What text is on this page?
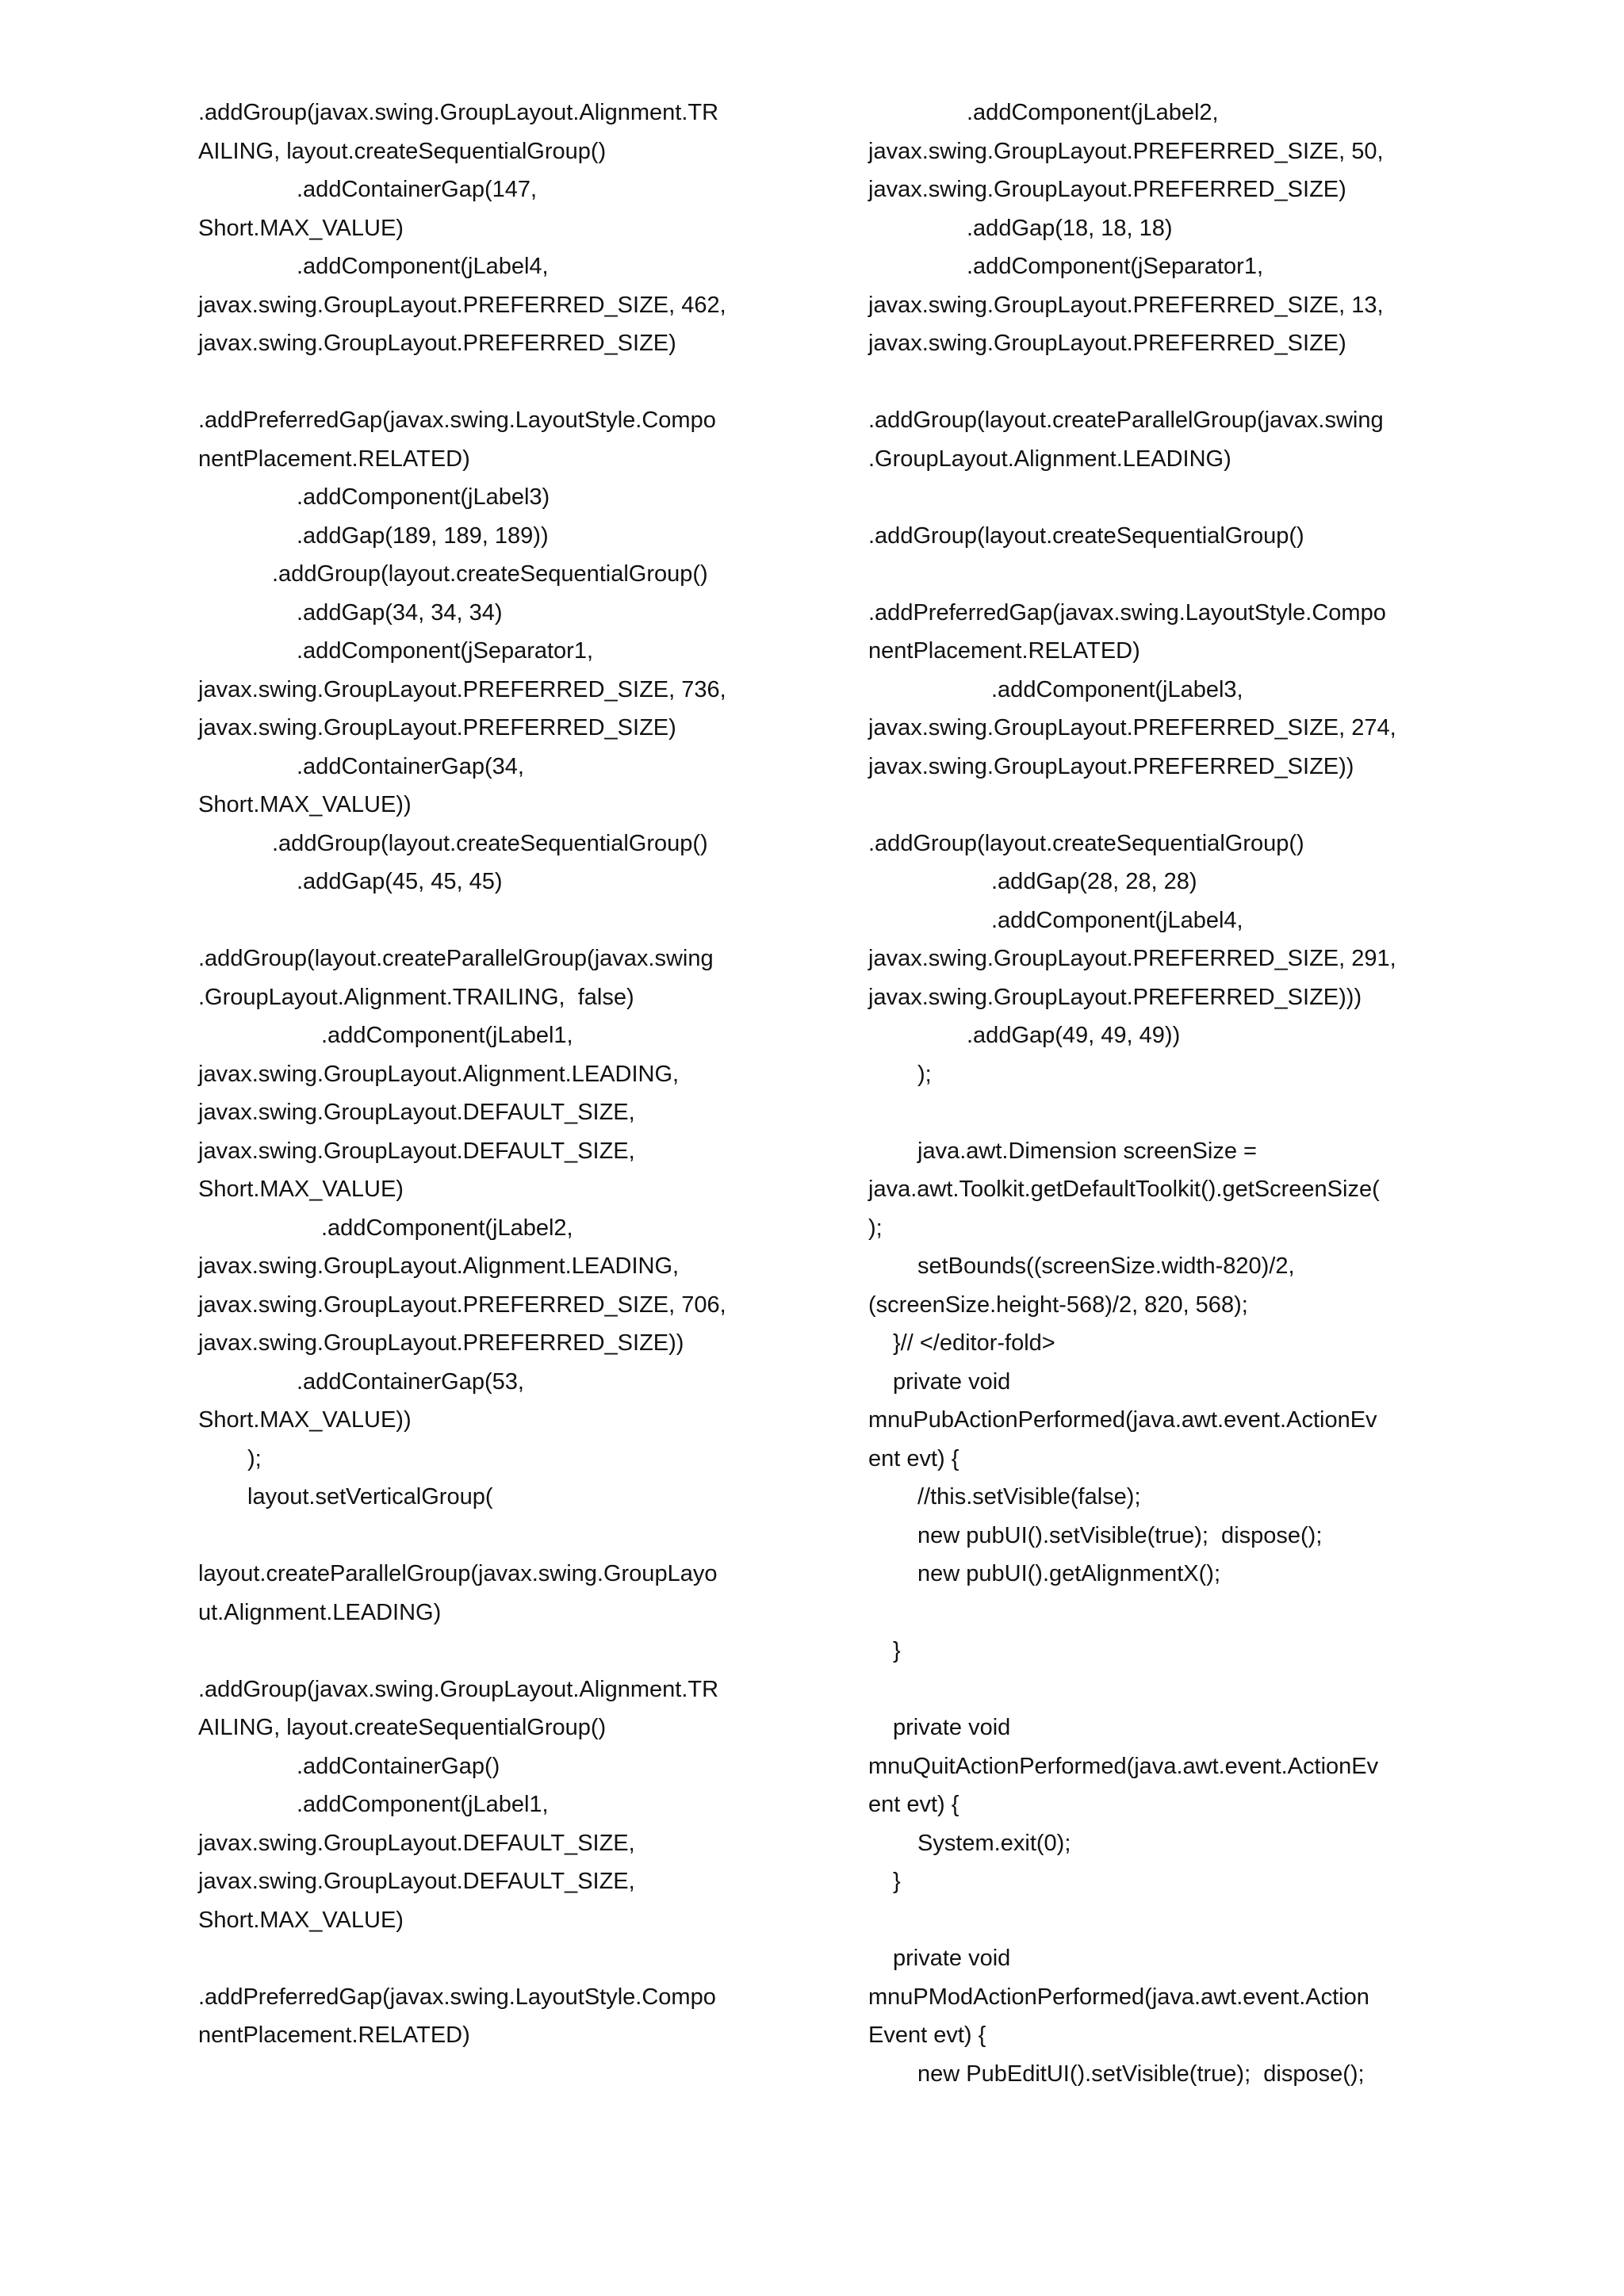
.addGroup(javax.swing.GroupLayout.Alignment.TR
AILING, layout.createSequentialGroup()
.addContainerGap(147,
Short.MAX_VALUE)
.addComponent(jLabel4,
javax.swing.GroupLayout.PREFERRED_SIZE, 462,
javax.swing.GroupLayout.PREFERRED_SIZE)
.addPreferredGap(javax.swing.LayoutStyle.Compo
nentPlacement.RELATED)
.addComponent(jLabel3)
.addGap(189, 189, 189))
.addGroup(layout.createSequentialGroup()
.addGap(34, 34, 34)
.addComponent(jSeparator1,
javax.swing.GroupLayout.PREFERRED_SIZE, 736,
javax.swing.GroupLayout.PREFERRED_SIZE)
.addContainerGap(34,
Short.MAX_VALUE))
.addGroup(layout.createSequentialGroup()
.addGap(45, 45, 45)
.addGroup(layout.createParallelGroup(javax.swing
.GroupLayout.Alignment.TRAILING,  false)
.addComponent(jLabel1,
javax.swing.GroupLayout.Alignment.LEADING,
javax.swing.GroupLayout.DEFAULT_SIZE,
javax.swing.GroupLayout.DEFAULT_SIZE,
Short.MAX_VALUE)
.addComponent(jLabel2,
javax.swing.GroupLayout.Alignment.LEADING,
javax.swing.GroupLayout.PREFERRED_SIZE, 706,
javax.swing.GroupLayout.PREFERRED_SIZE))
.addContainerGap(53,
Short.MAX_VALUE))
);
layout.setVerticalGroup(
layout.createParallelGroup(javax.swing.GroupLayo
ut.Alignment.LEADING)
.addGroup(javax.swing.GroupLayout.Alignment.TR
AILING, layout.createSequentialGroup()
.addContainerGap()
.addComponent(jLabel1,
javax.swing.GroupLayout.DEFAULT_SIZE,
javax.swing.GroupLayout.DEFAULT_SIZE,
Short.MAX_VALUE)
.addPreferredGap(javax.swing.LayoutStyle.Compo
nentPlacement.RELATED)
.addComponent(jLabel2,
javax.swing.GroupLayout.PREFERRED_SIZE, 50,
javax.swing.GroupLayout.PREFERRED_SIZE)
.addGap(18, 18, 18)
.addComponent(jSeparator1,
javax.swing.GroupLayout.PREFERRED_SIZE, 13,
javax.swing.GroupLayout.PREFERRED_SIZE)
.addGroup(layout.createParallelGroup(javax.swing
.GroupLayout.Alignment.LEADING)
.addGroup(layout.createSequentialGroup()
.addPreferredGap(javax.swing.LayoutStyle.Compo
nentPlacement.RELATED)
.addComponent(jLabel3,
javax.swing.GroupLayout.PREFERRED_SIZE, 274,
javax.swing.GroupLayout.PREFERRED_SIZE))
.addGroup(layout.createSequentialGroup()
.addGap(28, 28, 28)
.addComponent(jLabel4,
javax.swing.GroupLayout.PREFERRED_SIZE, 291,
javax.swing.GroupLayout.PREFERRED_SIZE)))
.addGap(49, 49, 49))
);
java.awt.Dimension screenSize =
java.awt.Toolkit.getDefaultToolkit().getScreenSize(
);
setBounds((screenSize.width-820)/2,
(screenSize.height-568)/2, 820, 568);
}// </editor-fold>
private void
mnuPubActionPerformed(java.awt.event.ActionEv
ent evt) {
//this.setVisible(false);
new pubUI().setVisible(true);  dispose();
new pubUI().getAlignmentX();
}
private void
mnuQuitActionPerformed(java.awt.event.ActionEv
ent evt) {
System.exit(0);
}
private void
mnuPModActionPerformed(java.awt.event.Action
Event evt) {
new PubEditUI().setVisible(true);  dispose();
